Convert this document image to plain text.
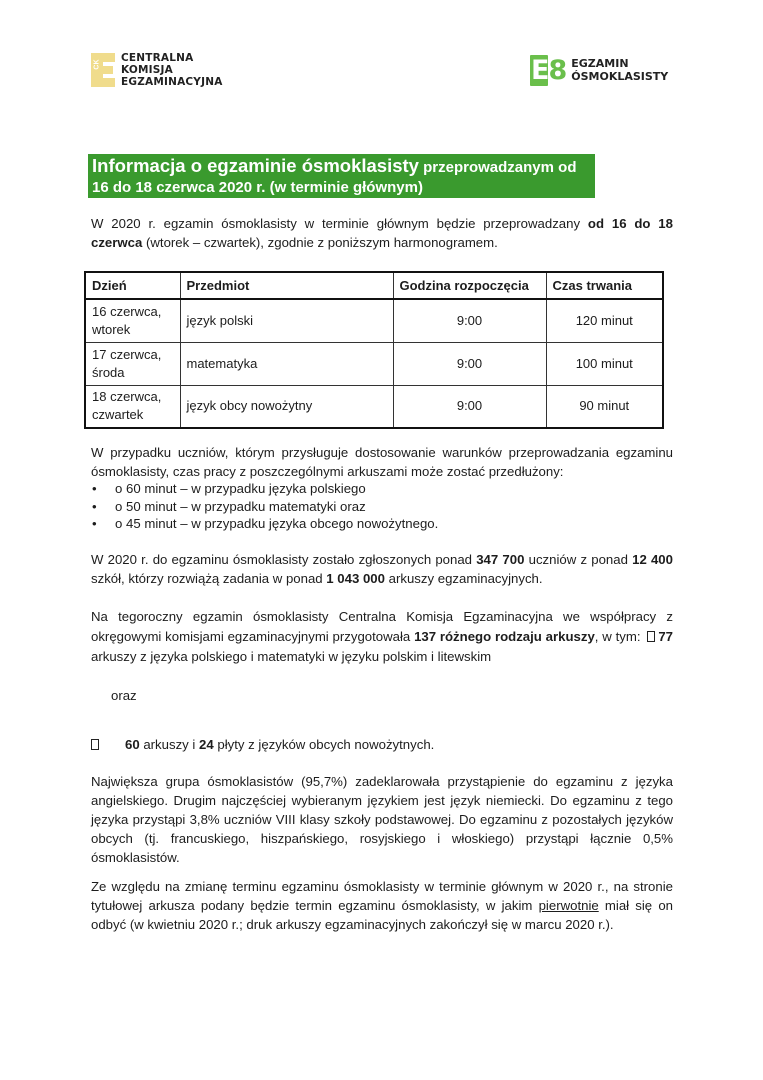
CK
CENTRALNA
KOMISJA
EGZAMINACYJNA	E8 EGZAMIN
ÓSMOKLASISTY
Informacja o egzaminie ósmoklasisty przeprowadzanym od
16 do 18 czerwca 2020 r. (w terminie głównym)

W 2020 r. egzamin ósmoklasisty w terminie głównym będzie przeprowadzany od 16 do 18 czerwca (wtorek – czwartek), zgodnie z poniższym harmonogramem.

Dzień	Przedmiot	Godzina rozpoczęcia	Czas trwania

16 czerwca,
wtorek	język polski	9:00	120 minut

17 czerwca,
środa	matematyka	9:00	100 minut

18 czerwca,
czwartek	język obcy nowożytny	9:00	90 minut

W przypadku uczniów, którym przysługuje dostosowanie warunków przeprowadzania egzaminu ósmoklasisty, czas pracy z poszczególnymi arkuszami może zostać przedłużony:

•	o 60 minut – w przypadku języka polskiego
•	o 50 minut – w przypadku matematyki oraz
•	o 45 minut – w przypadku języka obcego nowożytnego.

W 2020 r. do egzaminu ósmoklasisty zostało zgłoszonych ponad 347 700 uczniów z ponad 12 400 szkół, którzy rozwiążą zadania w ponad 1 043 000 arkuszy egzaminacyjnych.

Na tegoroczny egzamin ósmoklasisty Centralna Komisja Egzaminacyjna we współpracy z okręgowymi komisjami egzaminacyjnymi przygotowała 137 różnego rodzaju arkuszy, w tym: 77 arkuszy z języka polskiego i matematyki w języku polskim i litewskim

oraz

60 arkuszy i 24 płyty z języków obcych nowożytnych.

Największa grupa ósmoklasistów (95,7%) zadeklarowała przystąpienie do egzaminu z języka angielskiego. Drugim najczęściej wybieranym językiem jest język niemiecki. Do egzaminu z tego języka przystąpi 3,8% uczniów VIII klasy szkoły podstawowej. Do egzaminu z pozostałych języków obcych (tj. francuskiego, hiszpańskiego, rosyjskiego i włoskiego) przystąpi łącznie 0,5% ósmoklasistów.

Ze względu na zmianę terminu egzaminu ósmoklasisty w terminie głównym w 2020 r., na stronie tytułowej arkusza podany będzie termin egzaminu ósmoklasisty, w jakim pierwotnie miał się on odbyć (w kwietniu 2020 r.; druk arkuszy egzaminacyjnych zakończył się w marcu 2020 r.).
